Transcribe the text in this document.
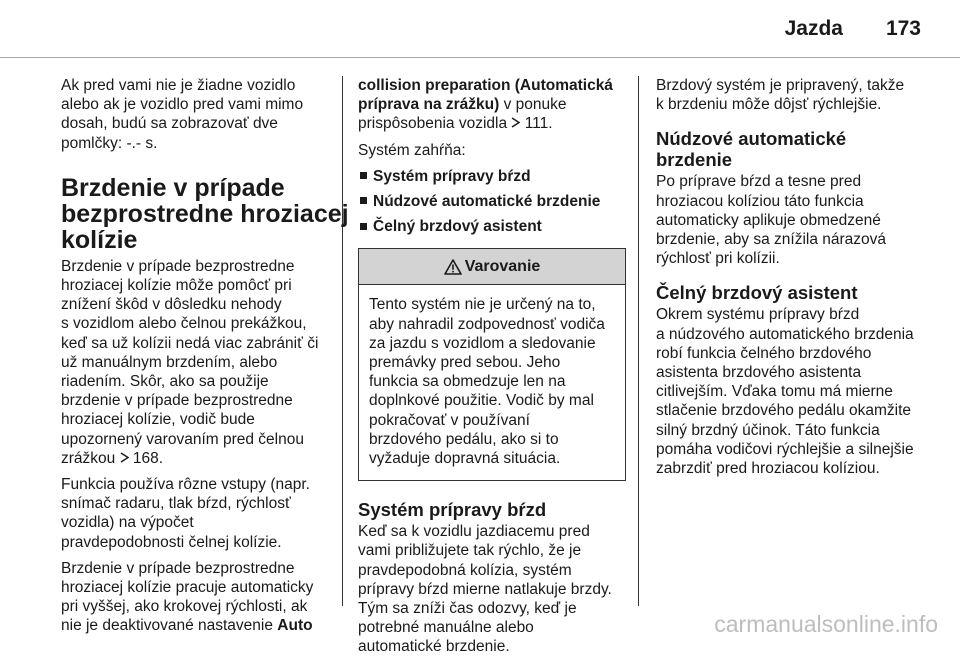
Jazda 173

Ak pred vami nie je žiadne vozidlo
alebo ak je vozidlo pred vami mimo
dosah, budú sa zobrazovať dve
pomlčky: -.- s.

Brzdenie v prípade
bezprostredne hroziacej
kolízie

Brzdenie v prípade bezprostredne
hroziacej kolízie môže pomôcť pri
znížení škôd v dôsledku nehody
s vozidlom alebo čelnou prekážkou,
keď sa už kolízii nedá viac zabrániť či
už manuálnym brzdením, alebo
riadením. Skôr, ako sa použije
brzdenie v prípade bezprostredne
hroziacej kolízie, vodič bude
upozornený varovaním pred čelnou
zrážkou 168.

Funkcia používa rôzne vstupy (napr.
snímač radaru, tlak bŕzd, rýchlosť
vozidla) na výpočet
pravdepodobnosti čelnej kolízie.

Brzdenie v prípade bezprostredne
hroziacej kolízie pracuje automaticky
pri vyššej, ako krokovej rýchlosti, ak
nie je deaktivované nastavenie Auto

collision preparation (Automatická
príprava na zrážku) v ponuke
prispôsobenia vozidla 111.

Systém zahŕňa:

Systém prípravy bŕzd
Núdzové automatické brzdenie
Čelný brzdový asistent
Varovanie
Tento systém nie je určený na to,
aby nahradil zodpovednosť vodiča
za jazdu s vozidlom a sledovanie
premávky pred sebou. Jeho
funkcia sa obmedzuje len na
doplnkové použitie. Vodič by mal
pokračovať v používaní
brzdového pedálu, ako si to
vyžaduje dopravná situácia.
Systém prípravy bŕzd

Keď sa k vozidlu jazdiacemu pred
vami približujete tak rýchlo, že je
pravdepodobná kolízia, systém
prípravy bŕzd mierne natlakuje brzdy.
Tým sa zníži čas odozvy, keď je
potrebné manuálne alebo
automatické brzdenie.

Brzdový systém je pripravený, takže
k brzdeniu môže dôjsť rýchlejšie.

Núdzové automatické brzdenie

Po príprave bŕzd a tesne pred
hroziacou kolíziou táto funkcia
automaticky aplikuje obmedzené
brzdenie, aby sa znížila nárazová
rýchlosť pri kolízii.

Čelný brzdový asistent

Okrem systému prípravy bŕzd
a núdzového automatického brzdenia
robí funkcia čelného brzdového
asistenta brzdového asistenta
citlivejším. Vďaka tomu má mierne
stlačenie brzdového pedálu okamžite
silný brzdný účinok. Táto funkcia
pomáha vodičovi rýchlejšie a silnejšie
zabrzdiť pred hroziacou kolíziou.

carmanualsonline.info
